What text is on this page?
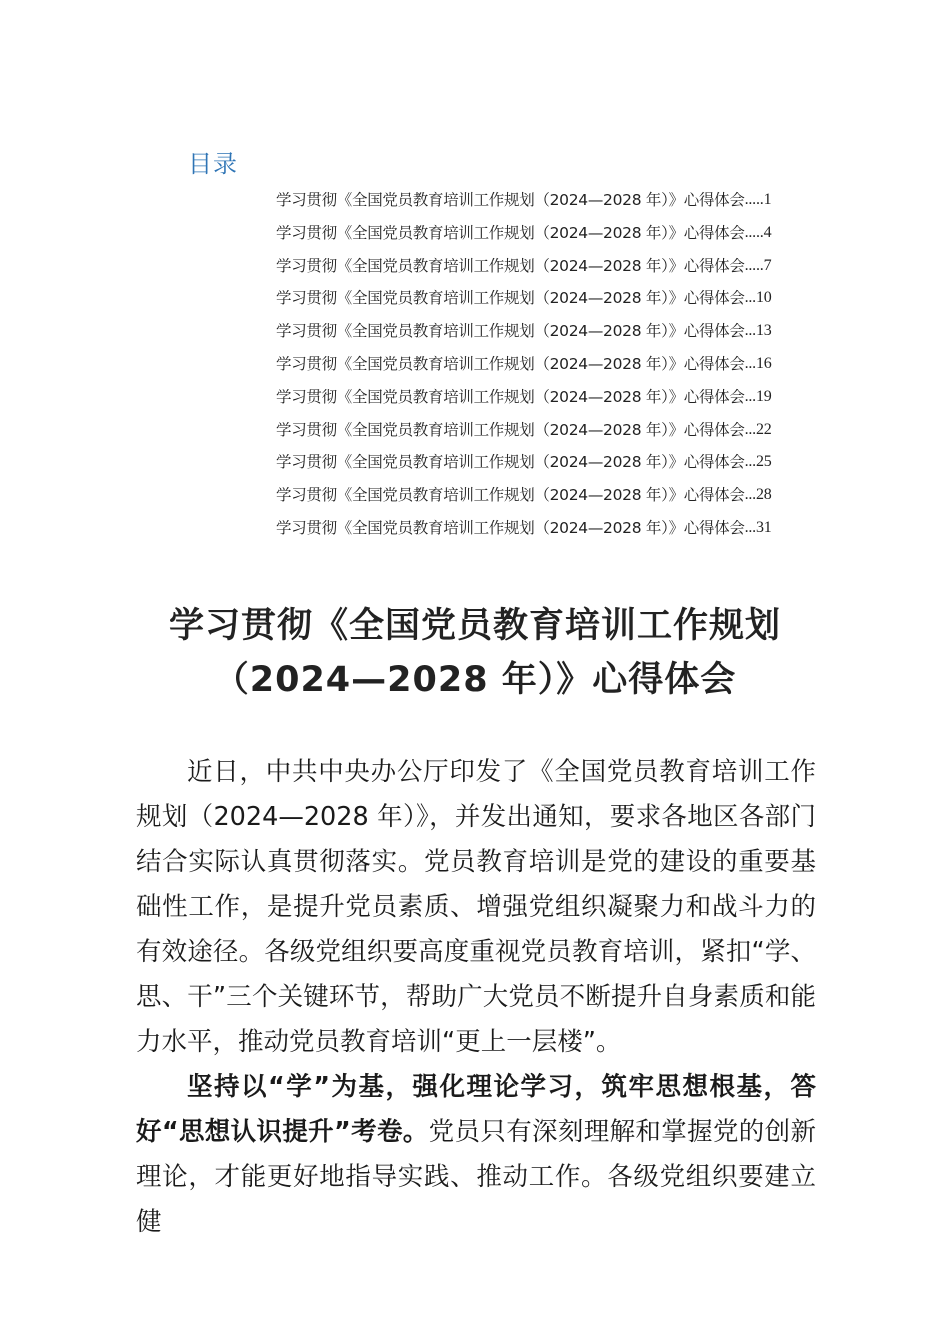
目录
学习贯彻《全国党员教育培训工作规划（2024—2028 年）》心得体会 ..... 1
学习贯彻《全国党员教育培训工作规划（2024—2028 年）》心得体会 ..... 4
学习贯彻《全国党员教育培训工作规划（2024—2028 年）》心得体会 ..... 7
学习贯彻《全国党员教育培训工作规划（2024—2028 年）》心得体会 ... 10
学习贯彻《全国党员教育培训工作规划（2024—2028 年）》心得体会 ... 13
学习贯彻《全国党员教育培训工作规划（2024—2028 年）》心得体会 ... 16
学习贯彻《全国党员教育培训工作规划（2024—2028 年）》心得体会 ... 19
学习贯彻《全国党员教育培训工作规划（2024—2028 年）》心得体会 ... 22
学习贯彻《全国党员教育培训工作规划（2024—2028 年）》心得体会 ... 25
学习贯彻《全国党员教育培训工作规划（2024—2028 年）》心得体会 ... 28
学习贯彻《全国党员教育培训工作规划（2024—2028 年）》心得体会 ... 31
学习贯彻《全国党员教育培训工作规划
（2024—2028 年）》心得体会

近日，中共中央办公厅印发了《全国党员教育培训工作规划（2024—2028 年）》，并发出通知，要求各地区各部门结合实际认真贯彻落实。党员教育培训是党的建设的重要基础性工作，是提升党员素质、增强党组织凝聚力和战斗力的有效途径。各级党组织要高度重视党员教育培训，紧扣“学、思、干”三个关键环节，帮助广大党员不断提升自身素质和能力水平，推动党员教育培训“更上一层楼”。

坚持以“学”为基，强化理论学习，筑牢思想根基，答好“思想认识提升”考卷。党员只有深刻理解和掌握党的创新理论，才能更好地指导实践、推动工作。各级党组织要建立健
